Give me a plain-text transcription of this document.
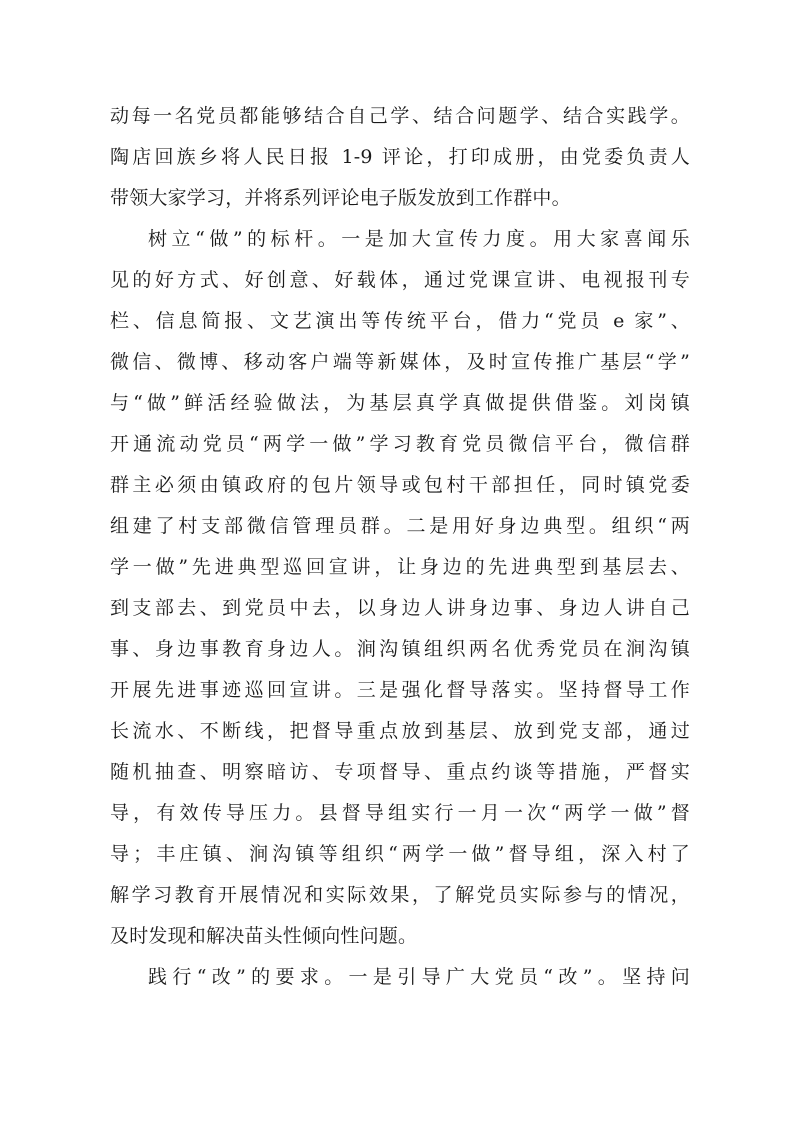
动每一名党员都能够结合自己学、结合问题学、结合实践学。
陶店回族乡将人民日报 1-9 评论，打印成册，由党委负责人
带领大家学习，并将系列评论电子版发放到工作群中。
树立“做”的标杆。一是加大宣传力度。用大家喜闻乐
见的好方式、好创意、好载体，通过党课宣讲、电视报刊专
栏、信息简报、文艺演出等传统平台，借力“党员 e 家”、
微信、微博、移动客户端等新媒体，及时宣传推广基层“学”
与“做”鲜活经验做法，为基层真学真做提供借鉴。刘岗镇
开通流动党员“两学一做”学习教育党员微信平台，微信群
群主必须由镇政府的包片领导或包村干部担任，同时镇党委
组建了村支部微信管理员群。二是用好身边典型。组织“两
学一做”先进典型巡回宣讲，让身边的先进典型到基层去、
到支部去、到党员中去，以身边人讲身边事、身边人讲自己
事、身边事教育身边人。涧沟镇组织两名优秀党员在涧沟镇
开展先进事迹巡回宣讲。三是强化督导落实。坚持督导工作
长流水、不断线，把督导重点放到基层、放到党支部，通过
随机抽查、明察暗访、专项督导、重点约谈等措施，严督实
导，有效传导压力。县督导组实行一月一次“两学一做”督
导；丰庄镇、涧沟镇等组织“两学一做”督导组，深入村了
解学习教育开展情况和实际效果，了解党员实际参与的情况，
及时发现和解决苗头性倾向性问题。
践行“改”的要求。一是引导广大党员“改”。坚持问
